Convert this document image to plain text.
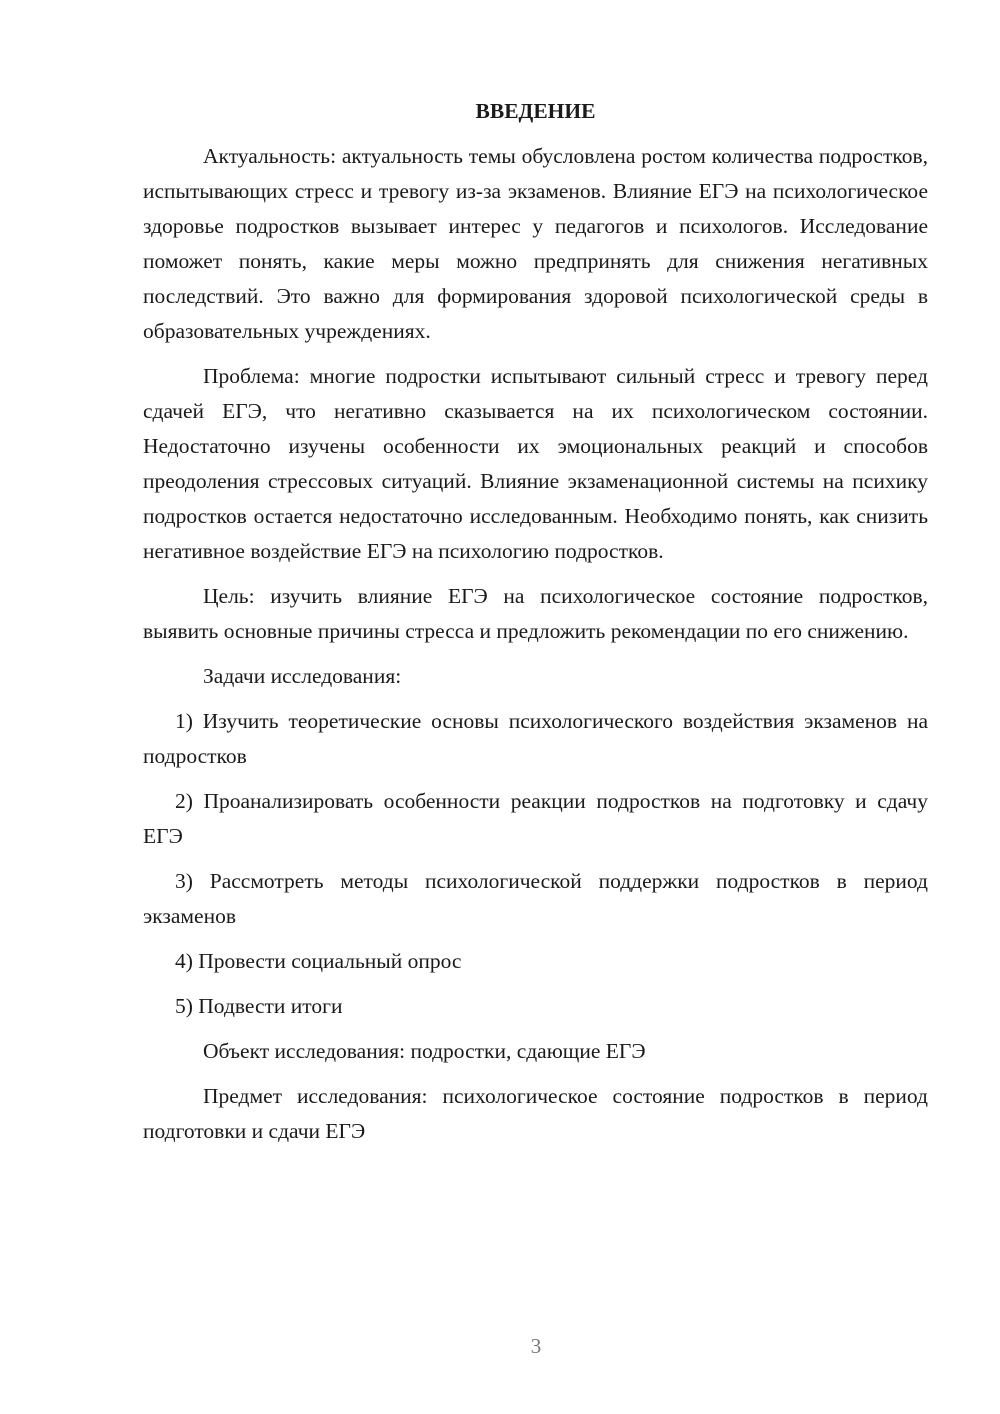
ВВЕДЕНИЕ

Актуальность: актуальность темы обусловлена ростом количества подростков, испытывающих стресс и тревогу из-за экзаменов. Влияние ЕГЭ на психологическое здоровье подростков вызывает интерес у педагогов и психологов. Исследование поможет понять, какие меры можно предпринять для снижения негативных последствий. Это важно для формирования здоровой психологической среды в образовательных учреждениях.

Проблема: многие подростки испытывают сильный стресс и тревогу перед сдачей ЕГЭ, что негативно сказывается на их психологическом состоянии. Недостаточно изучены особенности их эмоциональных реакций и способов преодоления стрессовых ситуаций. Влияние экзаменационной системы на психику подростков остается недостаточно исследованным. Необходимо понять, как снизить негативное воздействие ЕГЭ на психологию подростков.

Цель: изучить влияние ЕГЭ на психологическое состояние подростков, выявить основные причины стресса и предложить рекомендации по его снижению.

Задачи исследования:

1) Изучить теоретические основы психологического воздействия экзаменов на подростков

2) Проанализировать особенности реакции подростков на подготовку и сдачу ЕГЭ

3) Рассмотреть методы психологической поддержки подростков в период экзаменов

4) Провести социальный опрос

5) Подвести итоги

Объект исследования: подростки, сдающие ЕГЭ

Предмет исследования: психологическое состояние подростков в период подготовки и сдачи ЕГЭ

3
